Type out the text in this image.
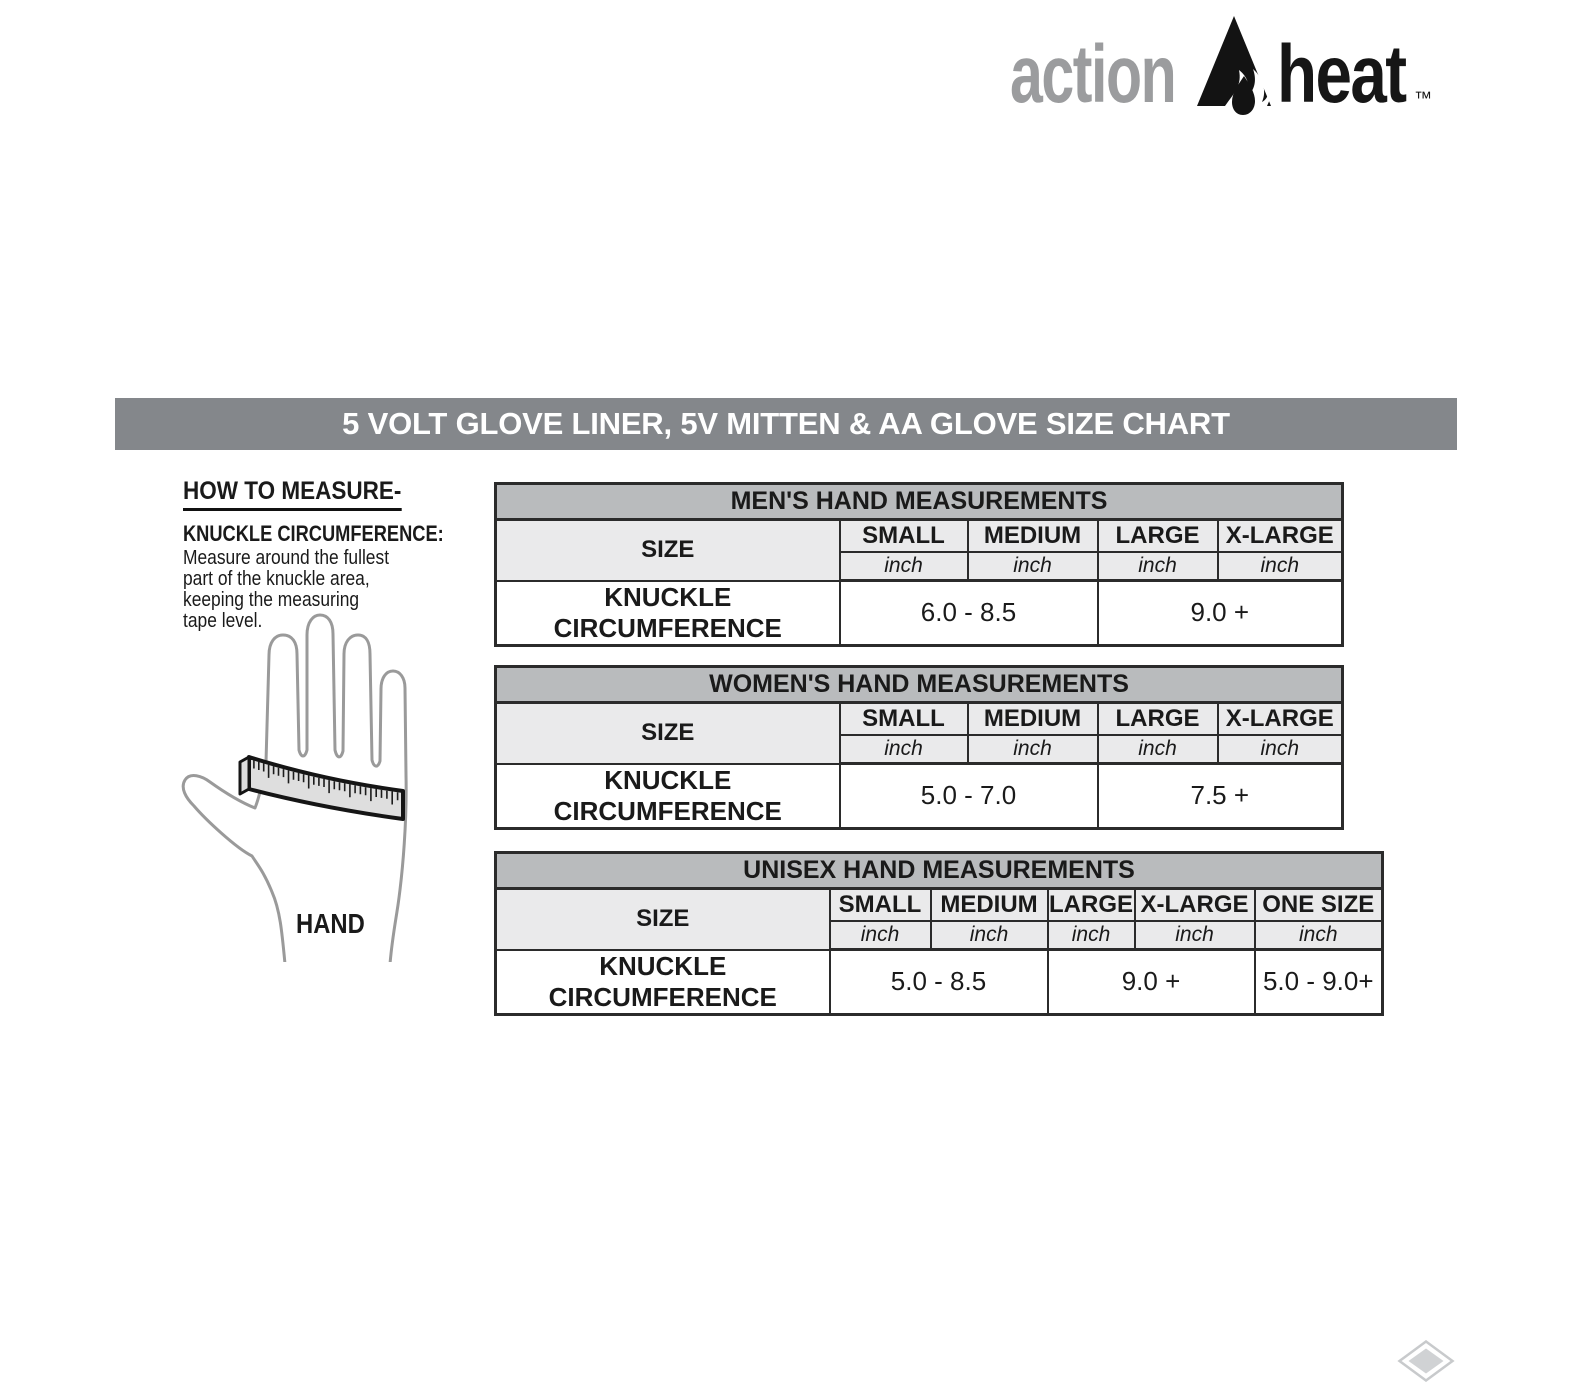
action heat ™
5 VOLT GLOVE LINER, 5V MITTEN & AA GLOVE SIZE CHART
HOW TO MEASURE-
KNUCKLE CIRCUMFERENCE:
Measure around the fullest
part of the knuckle area,
keeping the measuring
tape level.
HAND
MEN'S HAND MEASUREMENTS				
SIZE	SMALL	MEDIUM	LARGE	X-LARGE
	inch	inch	inch	inch
KNUCKLE CIRCUMFERENCE	6.0 - 8.5		9.0 +	
WOMEN'S HAND MEASUREMENTS				
SIZE	SMALL	MEDIUM	LARGE	X-LARGE
	inch	inch	inch	inch
KNUCKLE CIRCUMFERENCE	5.0 - 7.0		7.5 +	
UNISEX HAND MEASUREMENTS					
SIZE	SMALL	MEDIUM	LARGE	X-LARGE	ONE SIZE
	inch	inch	inch	inch	inch
KNUCKLE CIRCUMFERENCE	5.0 - 8.5		9.0 +		5.0 - 9.0+
